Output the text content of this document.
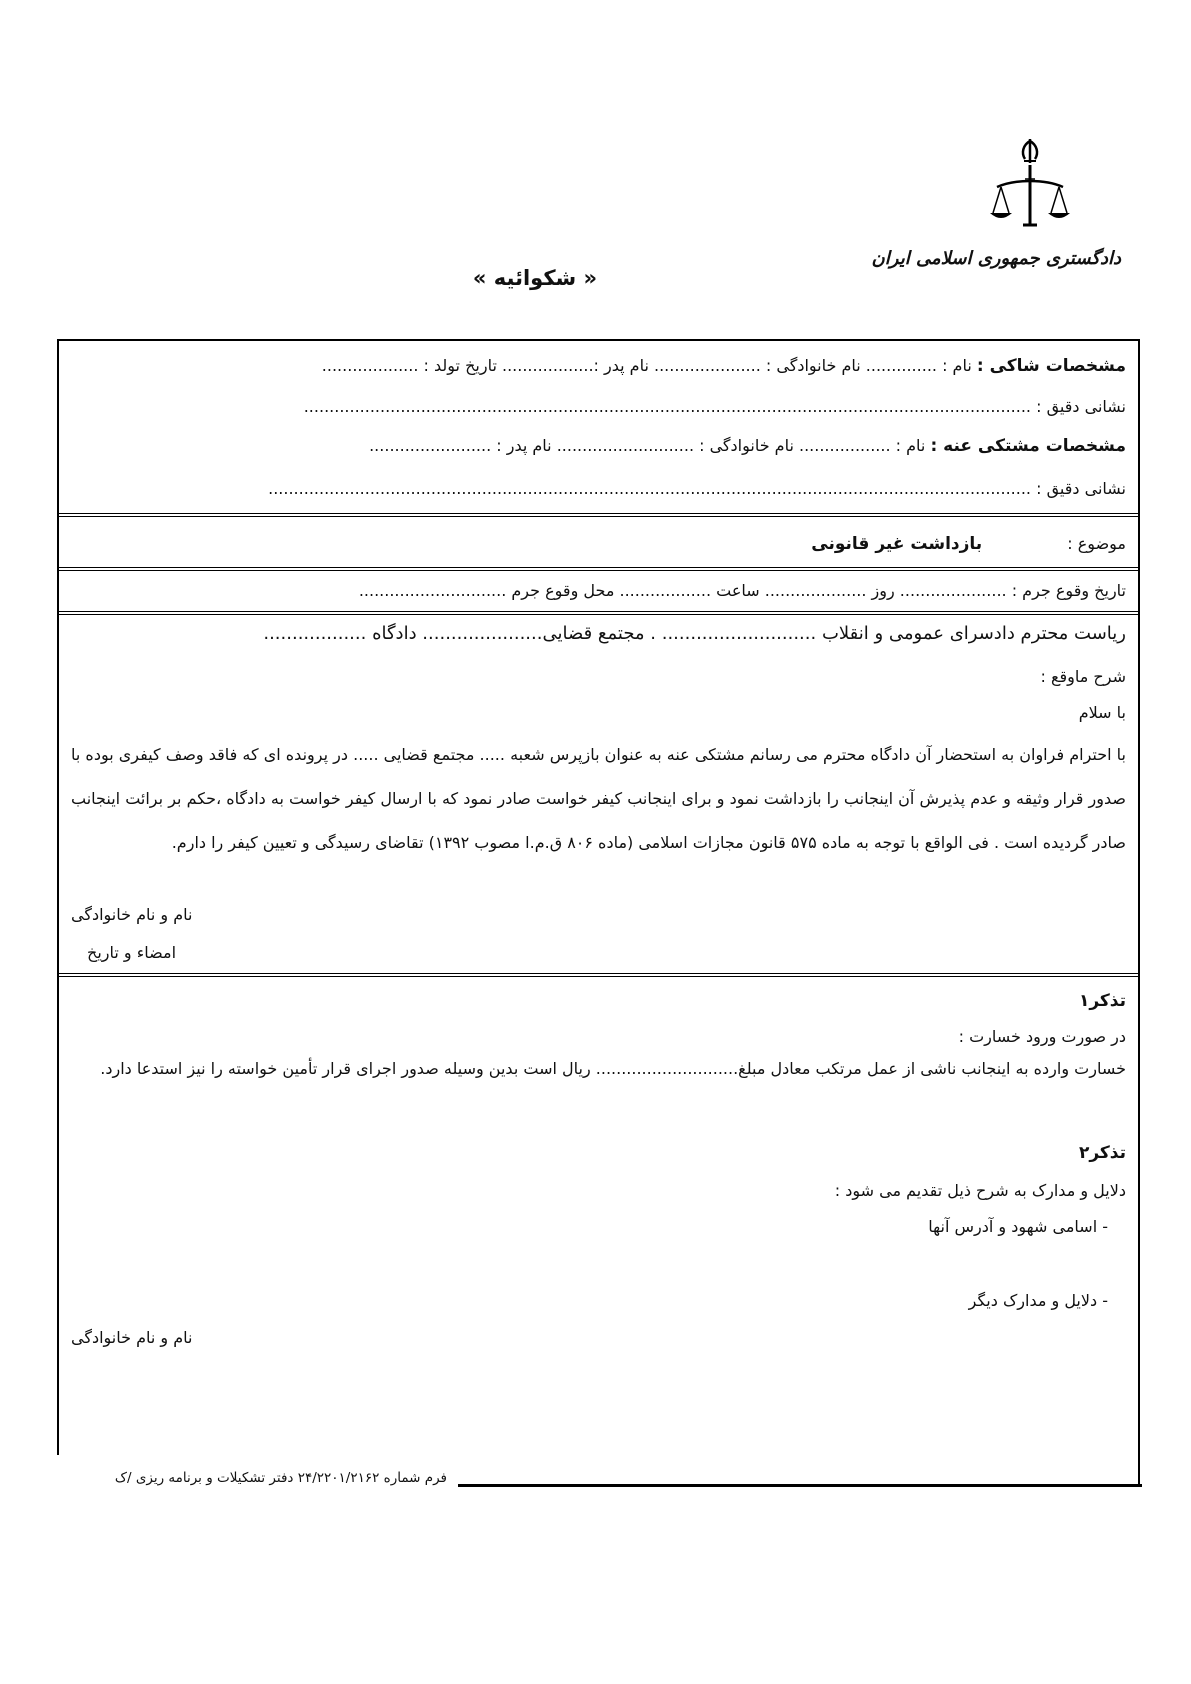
دادگستری جمهوری اسلامی ایران
« شکوائیه »
مشخصات شاکی : نام : .............. نام خانوادگی : ..................... نام پدر :.................. تاریخ تولد : ...................
نشانی دقیق : ...............................................................................................................................................
مشخصات مشتکی عنه : نام : .................. نام خانوادگی : ........................... نام پدر : ........................
نشانی دقیق : ......................................................................................................................................................
موضوع : بازداشت غیر قانونی
تاریخ وقوع جرم : ..................... روز .................... ساعت .................. محل وقوع جرم .............................
ریاست محترم دادسرای عمومی و انقلاب ........................... . مجتمع قضایی..................... دادگاه ..................
شرح ماوقع :
با سلام
با احترام فراوان به استحضار آن دادگاه محترم می رسانم مشتکی عنه به عنوان بازپرس شعبه ..... مجتمع قضایی ..... در پرونده ای که فاقد وصف کیفری بوده با صدور قرار وثیقه و عدم پذیرش آن اینجانب را بازداشت نمود و برای اینجانب کیفر خواست صادر نمود که با ارسال کیفر خواست به دادگاه ،حکم بر برائت اینجانب صادر گردیده است . فی الواقع با توجه به ماده ۵۷۵ قانون مجازات اسلامی (ماده ۸۰۶ ق.م.ا مصوب ۱۳۹۲) تقاضای رسیدگی و تعیین کیفر را دارم.
نام و نام خانوادگی
امضاء و تاریخ
تذکر۱
در صورت ورود خسارت :
خسارت وارده به اینجانب ناشی از عمل مرتکب معادل مبلغ............................ ریال است بدین وسیله صدور اجرای قرار تأمین خواسته را نیز استدعا دارد.
تذکر۲
دلایل و مدارک به شرح ذیل تقدیم می شود :
- اسامی شهود و آدرس آنها
- دلایل و مدارک دیگر
نام و نام خانوادگی
فرم شماره ۲۴/۲۲۰۱/۲۱۶۲ دفتر تشکیلات و برنامه ریزی /ک
